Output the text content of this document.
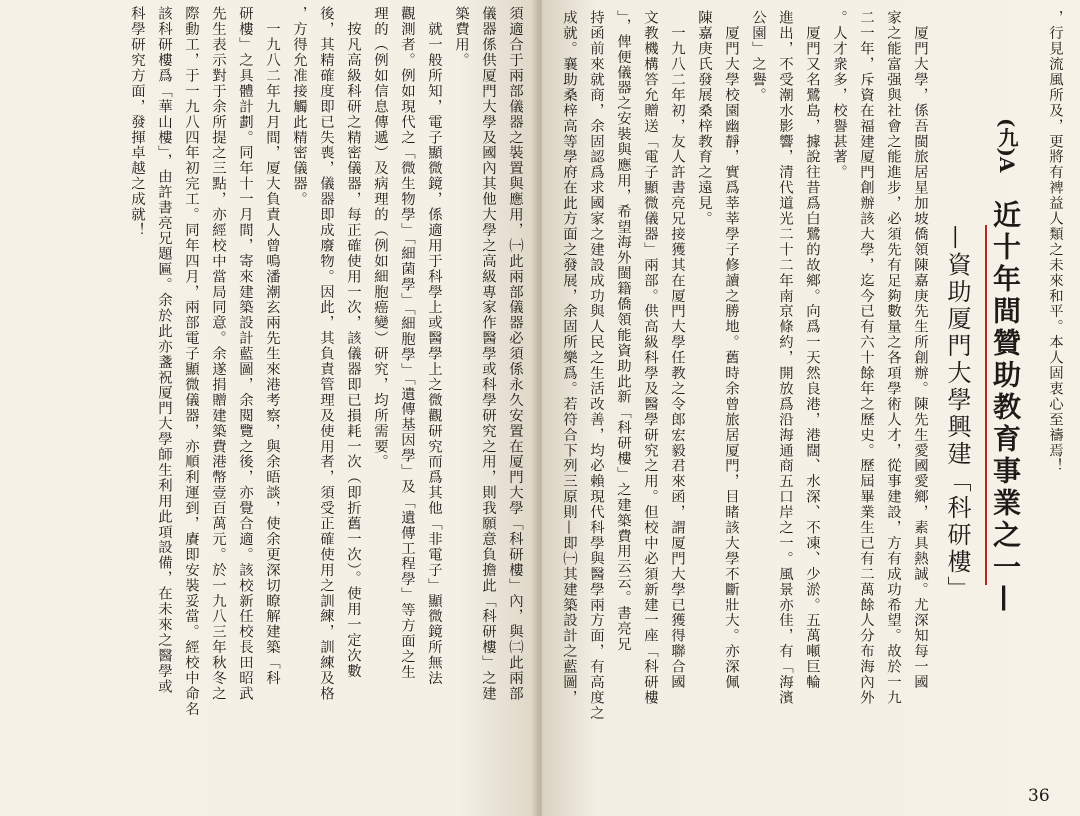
須適合于兩部儀器之裝置與應用，㈠此兩部儀器必須係永久安置在厦門大學「科研樓」內，與㈡此兩部
儀器係供厦門大學及國內其他大學之高級專家作醫學或科學研究之用，則我願意負擔此「科研樓」之建
築費用。
　就一般所知，電子顯微鏡，係適用于科學上或醫學上之微觀研究而爲其他「非電子」顯微鏡所無法
觀測者。例如現代之「微生物學」「細菌學」「細胞學」「遺傳基因學」及「遺傳工程學」等方面之生
理的（例如信息傳遞）及病理的（例如細胞癌變）研究，均所需要。
　按凡高級科研之精密儀器，每正確使用一次，該儀器即已損耗一次（即折舊一次）。使用一定次數
後，其精確度即已失喪，儀器即成廢物。因此，其負責管理及使用者，須受正確使用之訓練，訓練及格
，方得允准接觸此精密儀器。
　一九八二年九月間，厦大負責人曾鳴潘潮玄兩先生來港考察，與余晤談，使余更深切瞭解建築「科
研樓」之具體計劃。同年十一月間，寄來建築設計藍圖，余閱覽之後，亦覺合適。該校新任校長田昭武
先生表示對于余所提之三點，亦經校中當局同意。余遂捐贈建築費港幣壹百萬元。於一九八三年秋冬之
際動工，于一九八四年初完工。同年四月，兩部電子顯微儀器，亦順利運到，賡即安裝妥當。經校中命名
該科研樓爲「華山樓」，由許書亮兄題匾。余於此亦盞祝厦門大學師生利用此項設備，在未來之醫學或
科學研究方面，發揮卓越之成就！	，行見流風所及，更將有裨益人類之未來和平。本人固衷心至禱焉！
　厦門大學，係吾閩旅居星加坡僑領陳嘉庚先生所創辦。陳先生愛國愛鄉，素具熱誠。尤深知每一國
家之能富强與社會之能進步，必須先有足夠數量之各項學術人才，從事建設，方有成功希望。故於一九
二一年，斥資在福建厦門創辦該大學，迄今已有六十餘年之歷史。歷屆畢業生已有二萬餘人分布海內外
。人才衆多，校譽甚著。
　厦門又名鷺島，據說往昔爲白鷺的故鄉。向爲一天然良港，港闊、水深、不凍、少淤。五萬噸巨輪
進出，不受潮水影響，清代道光二十二年南京條約，開放爲沿海通商五口岸之一。風景亦佳，有「海濱
公園」之譽。
　厦門大學校園幽靜，實爲莘莘學子修讀之勝地。舊時余曾旅居厦門，目睹該大學不斷壯大。亦深佩
陳嘉庚氏發展桑梓教育之遠見。
　一九八二年初，友人許書亮兄接獲其在厦門大學任教之令郎宏毅君來函，謂厦門大學已獲得聯合國
文教機構答允贈送「電子顯微儀器」兩部。供高級科學及醫學研究之用。但校中必須新建一座「科研樓
」，俾便儀器之安裝與應用，希望海外閩籍僑領能資助此新「科研樓」之建築費用云云。書亮兄
持函前來就商，余固認爲求國家之建設成功與人民之生活改善，均必賴現代科學與醫學兩方面，有高度之
成就。襄助桑梓高等學府在此方面之發展，余固所樂爲。若符合下列三原則—即㈠其建築設計之藍圖，	(九)A
近十年間贊助教育事業之一—
—資助厦門大學興建「科研樓」
36
